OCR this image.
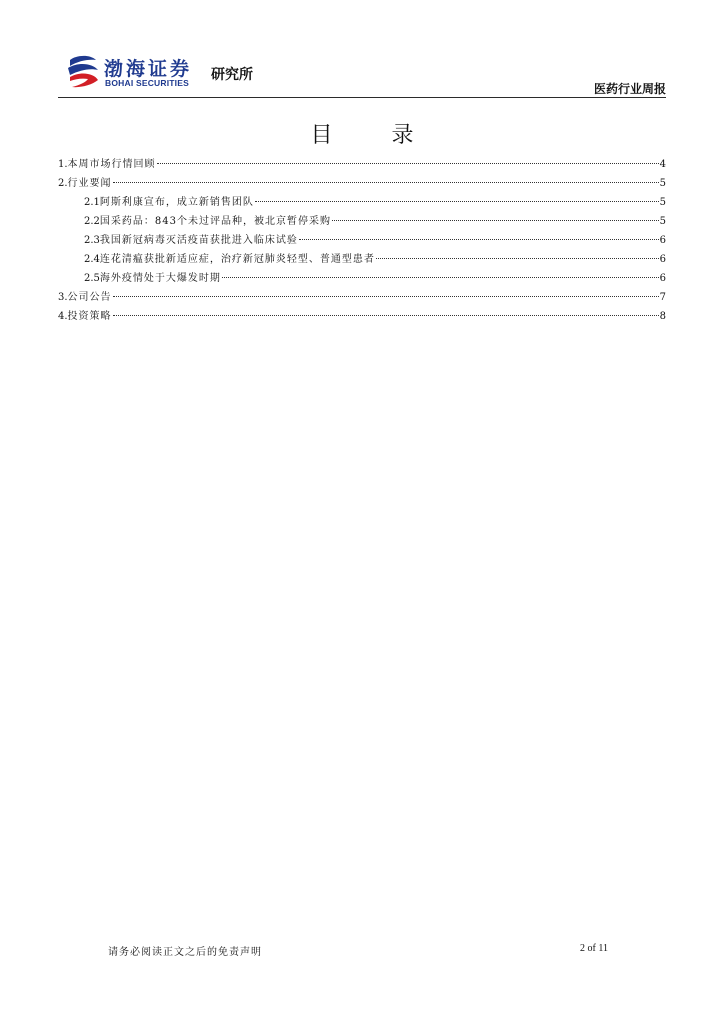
渤海证券
BOHAI SECURITIES 研究所
医药行业周报
目 录
1. 本周市场行情回顾	4
2. 行业要闻	5
2.1 阿斯利康宣布，成立新销售团队	5
2.2 国采药品：843个未过评品种，被北京暂停采购	5
2.3 我国新冠病毒灭活疫苗获批进入临床试验	6
2.4 连花清瘟获批新适应症，治疗新冠肺炎轻型、普通型患者	6
2.5 海外疫情处于大爆发时期	6
3. 公司公告	7
4. 投资策略	8
请务必阅读正文之后的免责声明	2 of 11
